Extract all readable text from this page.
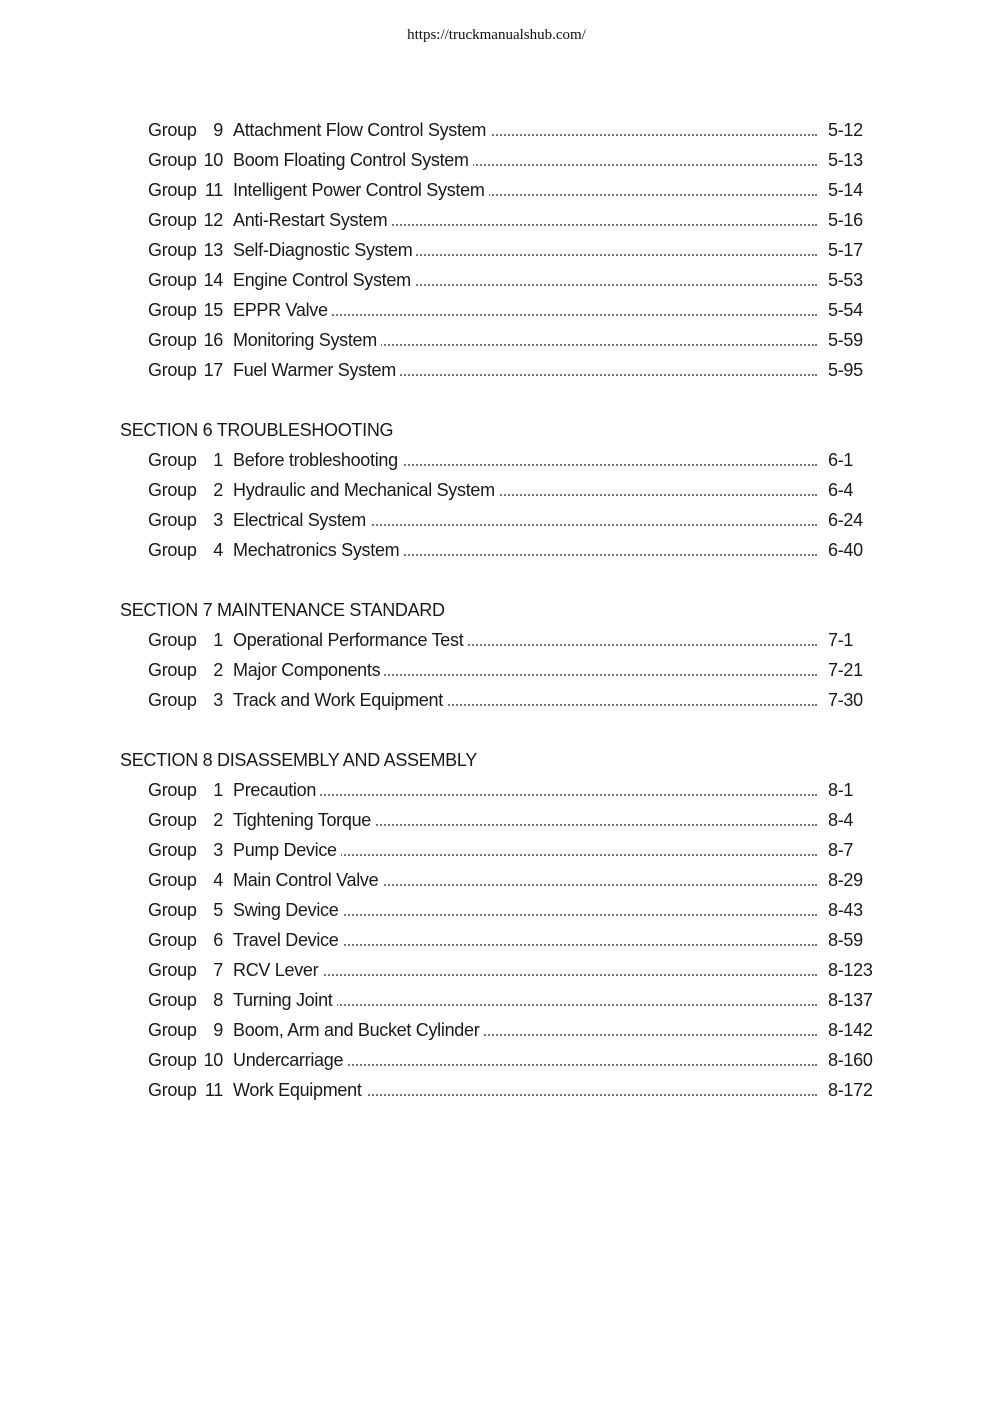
https://truckmanualshub.com/
Group 9 Attachment Flow Control System	5-12
Group 10 Boom Floating Control System	5-13
Group 11 Intelligent Power Control System	5-14
Group 12 Anti-Restart System	5-16
Group 13 Self-Diagnostic System	5-17
Group 14 Engine Control System	5-53
Group 15 EPPR Valve	5-54
Group 16 Monitoring System	5-59
Group 17 Fuel Warmer System	5-95
SECTION 6 TROUBLESHOOTING
Group 1 Before trobleshooting	6-1
Group 2 Hydraulic and Mechanical System	6-4
Group 3 Electrical System	6-24
Group 4 Mechatronics System	6-40
SECTION 7 MAINTENANCE STANDARD
Group 1 Operational Performance Test	7-1
Group 2 Major Components	7-21
Group 3 Track and Work Equipment	7-30
SECTION 8 DISASSEMBLY AND ASSEMBLY
Group 1 Precaution	8-1
Group 2 Tightening Torque	8-4
Group 3 Pump Device	8-7
Group 4 Main Control Valve	8-29
Group 5 Swing Device	8-43
Group 6 Travel Device	8-59
Group 7 RCV Lever	8-123
Group 8 Turning Joint	8-137
Group 9 Boom, Arm and Bucket Cylinder	8-142
Group 10 Undercarriage	8-160
Group 11 Work Equipment	8-172
